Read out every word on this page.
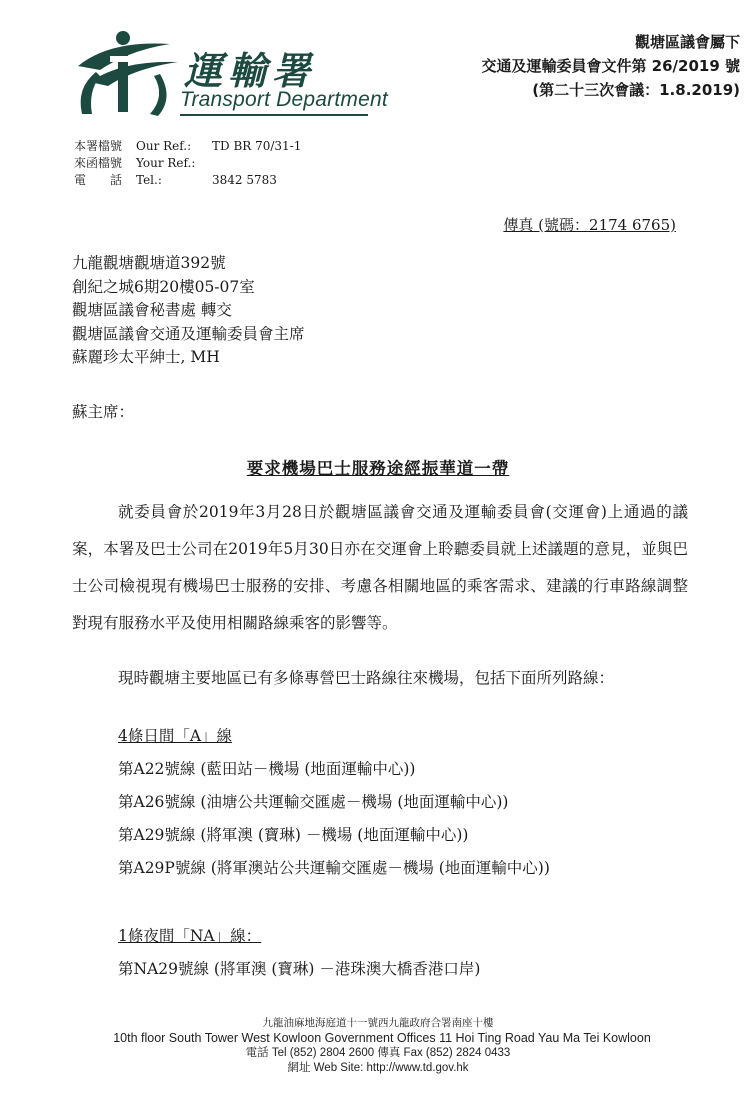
運輸署
Transport Department
觀塘區議會屬下
交通及運輸委員會文件第 26/2019 號
(第二十三次會議：1.8.2019)
本署檔號	Our Ref.:	TD BR 70/31-1
來函檔號	Your Ref.:
電　　話	Tel.:	3842 5783
傳真 (號碼：2174 6765)
九龍觀塘觀塘道392號
創紀之城6期20樓05-07室
觀塘區議會秘書處 轉交
觀塘區議會交通及運輸委員會主席
蘇麗珍太平紳士, MH
蘇主席：
要求機場巴士服務途經振華道一帶
就委員會於2019年3月28日於觀塘區議會交通及運輸委員會(交運會)上通過的議案，本署及巴士公司在2019年5月30日亦在交運會上聆聽委員就上述議題的意見，並與巴士公司檢視現有機場巴士服務的安排、考慮各相關地區的乘客需求、建議的行車路線調整對現有服務水平及使用相關路線乘客的影響等。
現時觀塘主要地區已有多條專營巴士路線往來機場，包括下面所列路線：
4條日間「A」線
第A22號線 (藍田站－機場 (地面運輸中心))
第A26號線 (油塘公共運輸交匯處－機場 (地面運輸中心))
第A29號線 (將軍澳 (寶琳) －機場 (地面運輸中心))
第A29P號線 (將軍澳站公共運輸交匯處－機場 (地面運輸中心))
1條夜間「NA」線：
第NA29號線 (將軍澳 (寶琳) －港珠澳大橋香港口岸)
九龍油麻地海庭道十一號西九龍政府合署南座十樓
10th floor South Tower West Kowloon Government Offices 11 Hoi Ting Road Yau Ma Tei Kowloon
電話 Tel (852) 2804 2600 傳真 Fax (852) 2824 0433
網址 Web Site: http://www.td.gov.hk
